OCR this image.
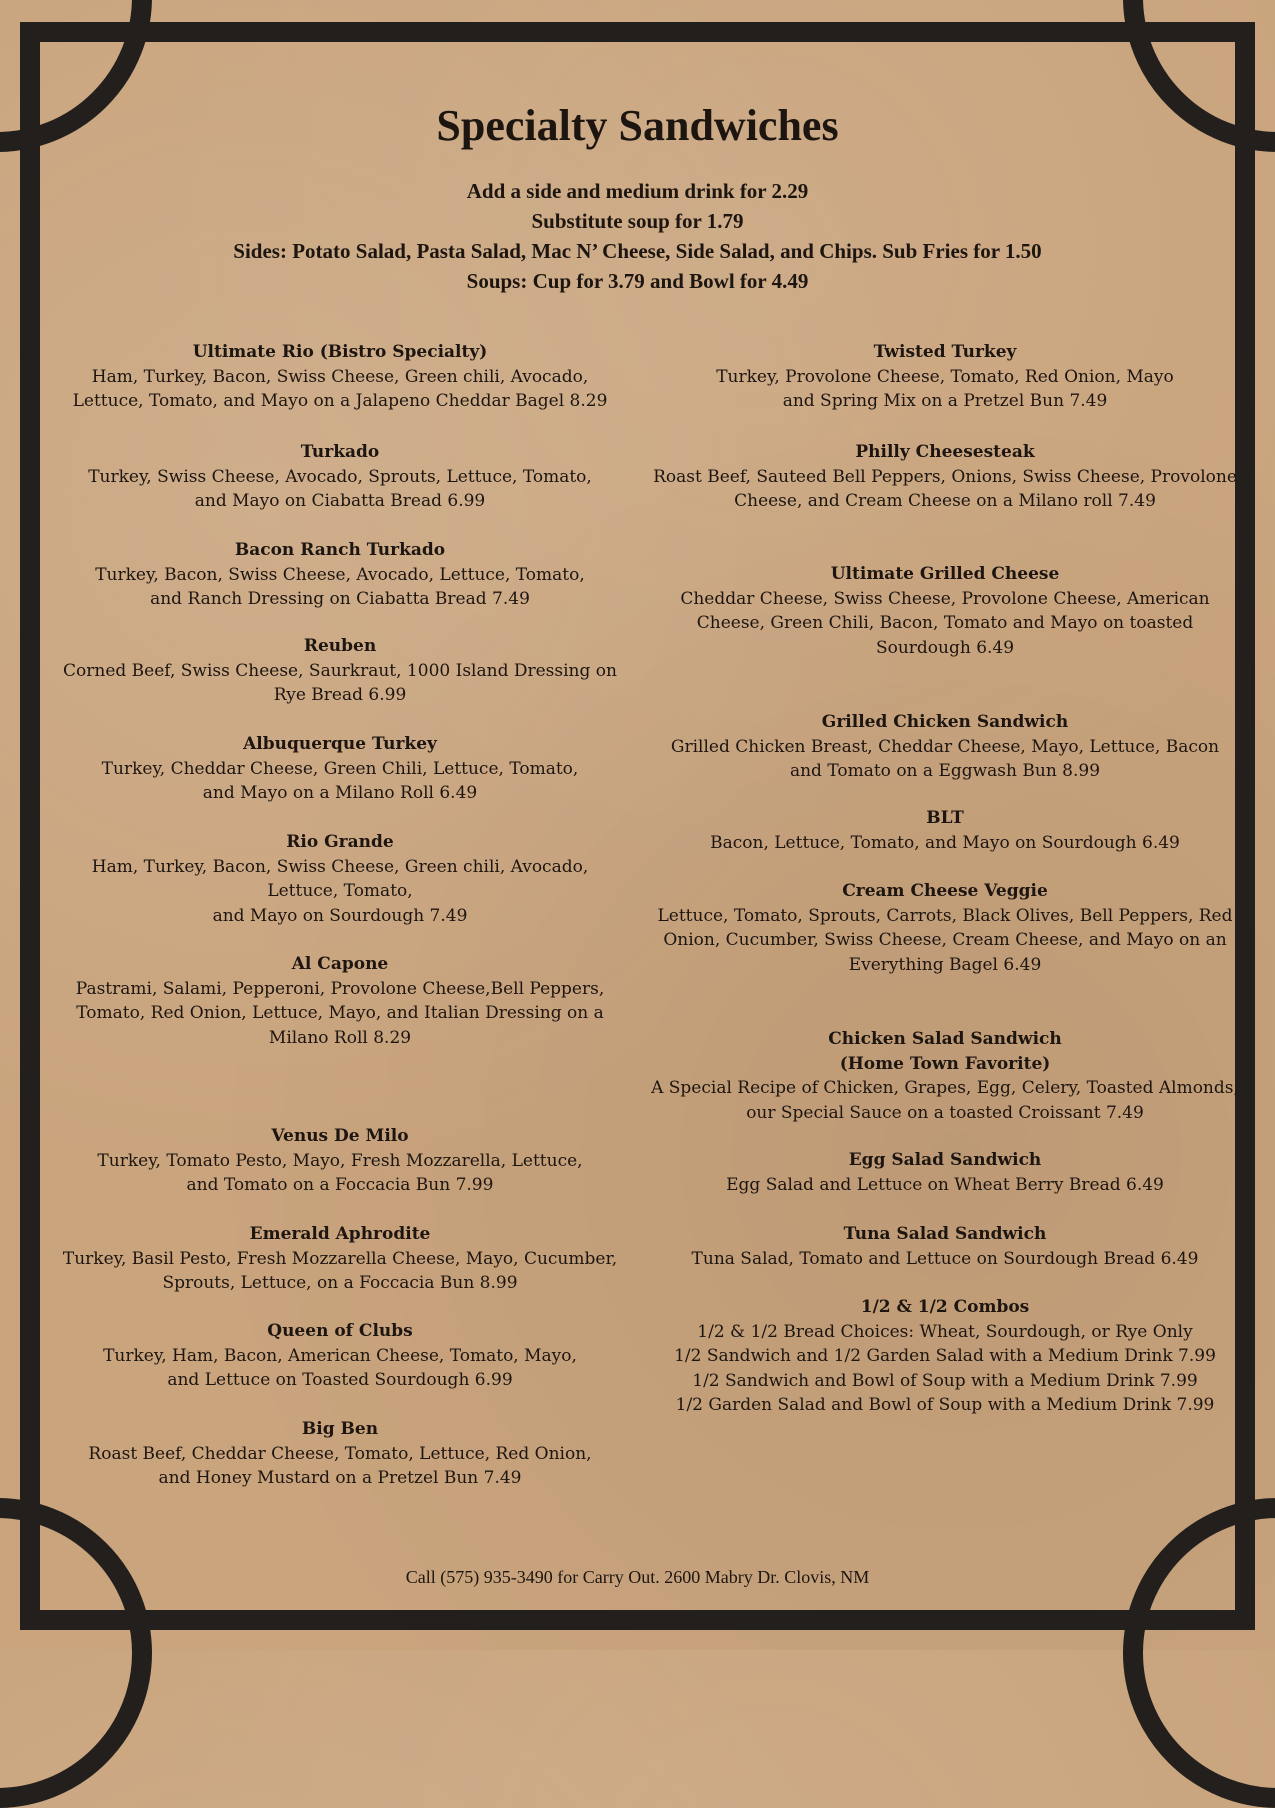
Specialty Sandwiches
Add a side and medium drink for 2.29
Substitute soup for 1.79
Sides: Potato Salad, Pasta Salad, Mac N’ Cheese, Side Salad, and Chips. Sub Fries for 1.50
Soups: Cup for 3.79 and Bowl for 4.49
Ultimate Rio (Bistro Specialty)
Ham, Turkey, Bacon, Swiss Cheese, Green chili, Avocado,
Lettuce, Tomato, and Mayo on a Jalapeno Cheddar Bagel 8.29
Turkado
Turkey, Swiss Cheese, Avocado, Sprouts, Lettuce, Tomato,
and Mayo on Ciabatta Bread 6.99
Bacon Ranch Turkado
Turkey, Bacon, Swiss Cheese, Avocado, Lettuce, Tomato,
and Ranch Dressing on Ciabatta Bread 7.49
Reuben
Corned Beef, Swiss Cheese, Saurkraut, 1000 Island Dressing on
Rye Bread 6.99
Albuquerque Turkey
Turkey, Cheddar Cheese, Green Chili, Lettuce, Tomato,
and Mayo on a Milano Roll 6.49
Rio Grande
Ham, Turkey, Bacon, Swiss Cheese, Green chili, Avocado,
Lettuce, Tomato,
and Mayo on Sourdough 7.49
Al Capone
Pastrami, Salami, Pepperoni, Provolone Cheese,Bell Peppers,
Tomato, Red Onion, Lettuce, Mayo, and Italian Dressing on a
Milano Roll 8.29
Venus De Milo
Turkey, Tomato Pesto, Mayo, Fresh Mozzarella, Lettuce,
and Tomato on a Foccacia Bun 7.99
Emerald Aphrodite
Turkey, Basil Pesto, Fresh Mozzarella Cheese, Mayo, Cucumber,
Sprouts, Lettuce, on a Foccacia Bun 8.99
Queen of Clubs
Turkey, Ham, Bacon, American Cheese, Tomato, Mayo,
and Lettuce on Toasted Sourdough 6.99
Big Ben
Roast Beef, Cheddar Cheese, Tomato, Lettuce, Red Onion,
and Honey Mustard on a Pretzel Bun 7.49
Twisted Turkey
Turkey, Provolone Cheese, Tomato, Red Onion, Mayo
and Spring Mix on a Pretzel Bun 7.49
Philly Cheesesteak
Roast Beef, Sauteed Bell Peppers, Onions, Swiss Cheese, Provolone
Cheese, and Cream Cheese on a Milano roll 7.49
Ultimate Grilled Cheese
Cheddar Cheese, Swiss Cheese, Provolone Cheese, American
Cheese, Green Chili, Bacon, Tomato and Mayo on toasted
Sourdough 6.49
Grilled Chicken Sandwich
Grilled Chicken Breast, Cheddar Cheese, Mayo, Lettuce, Bacon
and Tomato on a Eggwash Bun 8.99
BLT
Bacon, Lettuce, Tomato, and Mayo on Sourdough 6.49
Cream Cheese Veggie
Lettuce, Tomato, Sprouts, Carrots, Black Olives, Bell Peppers, Red
Onion, Cucumber, Swiss Cheese, Cream Cheese, and Mayo on an
Everything Bagel 6.49
Chicken Salad Sandwich
(Home Town Favorite)
A Special Recipe of Chicken, Grapes, Egg, Celery, Toasted Almonds,
our Special Sauce on a toasted Croissant 7.49
Egg Salad Sandwich
Egg Salad and Lettuce on Wheat Berry Bread 6.49
Tuna Salad Sandwich
Tuna Salad, Tomato and Lettuce on Sourdough Bread 6.49
1/2 & 1/2 Combos
1/2 & 1/2 Bread Choices: Wheat, Sourdough, or Rye Only
1/2 Sandwich and 1/2 Garden Salad with a Medium Drink 7.99
1/2 Sandwich and Bowl of Soup with a Medium Drink 7.99
1/2 Garden Salad and Bowl of Soup with a Medium Drink 7.99
Call (575) 935-3490 for Carry Out. 2600 Mabry Dr. Clovis, NM
